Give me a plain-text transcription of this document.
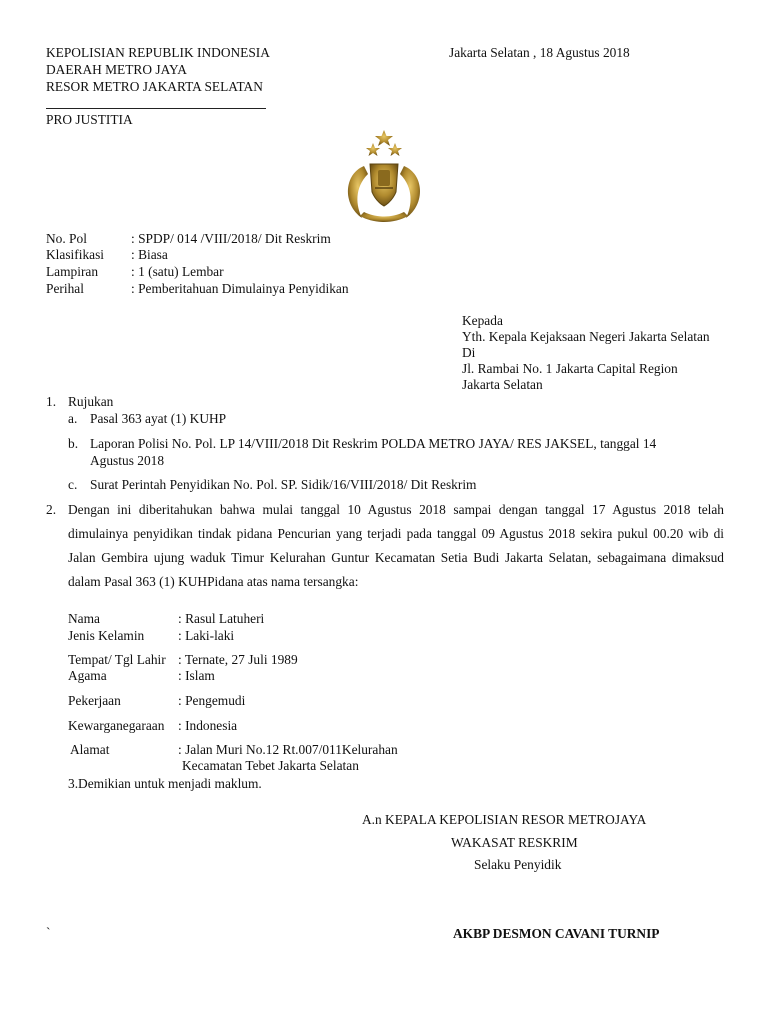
KEPOLISIAN REPUBLIK INDONESIA
DAERAH METRO JAYA
RESOR METRO JAKARTA SELATAN
PRO JUSTITIA
Jakarta Selatan , 18 Agustus 2018
No. Pol	: SPDP/ 014 /VIII/2018/ Dit Reskrim
Klasifikasi : Biasa
Lampiran : 1 (satu) Lembar
Perihal	: Pemberitahuan Dimulainya Penyidikan
Kepada
Yth. Kepala Kejaksaan Negeri Jakarta Selatan
Di
Jl. Rambai No. 1 Jakarta Capital Region
Jakarta Selatan
1. Rujukan
a. Pasal 363 ayat (1) KUHP
b. Laporan Polisi No. Pol. LP 14/VIII/2018 Dit Reskrim POLDA METRO JAYA/ RES JAKSEL, tanggal 14 Agustus 2018
c. Surat Perintah Penyidikan No. Pol. SP. Sidik/16/VIII/2018/ Dit Reskrim
2. Dengan ini diberitahukan bahwa mulai tanggal 10 Agustus 2018 sampai dengan tanggal 17 Agustus 2018 telah dimulainya penyidikan tindak pidana Pencurian yang terjadi pada tanggal 09 Agustus 2018 sekira pukul 00.20 wib di Jalan Gembira ujung waduk Timur Kelurahan Guntur Kecamatan Setia Budi Jakarta Selatan, sebagaimana dimaksud dalam Pasal 363 (1) KUHPidana atas nama tersangka:
Nama	: Rasul Latuheri
Jenis Kelamin	: Laki-laki
Tempat/ Tgl Lahir : Ternate, 27 Juli 1989
Agama	: Islam
Pekerjaan	: Pengemudi
Kewarganegaraan : Indonesia
Alamat	: Jalan Muri No.12 Rt.007/011Kelurahan
Kecamatan Tebet Jakarta Selatan
3.Demikian untuk menjadi maklum.
A.n KEPALA KEPOLISIAN RESOR METROJAYA
WAKASAT RESKRIM
Selaku Penyidik
`	AKBP DESMON CAVANI TURNIP
